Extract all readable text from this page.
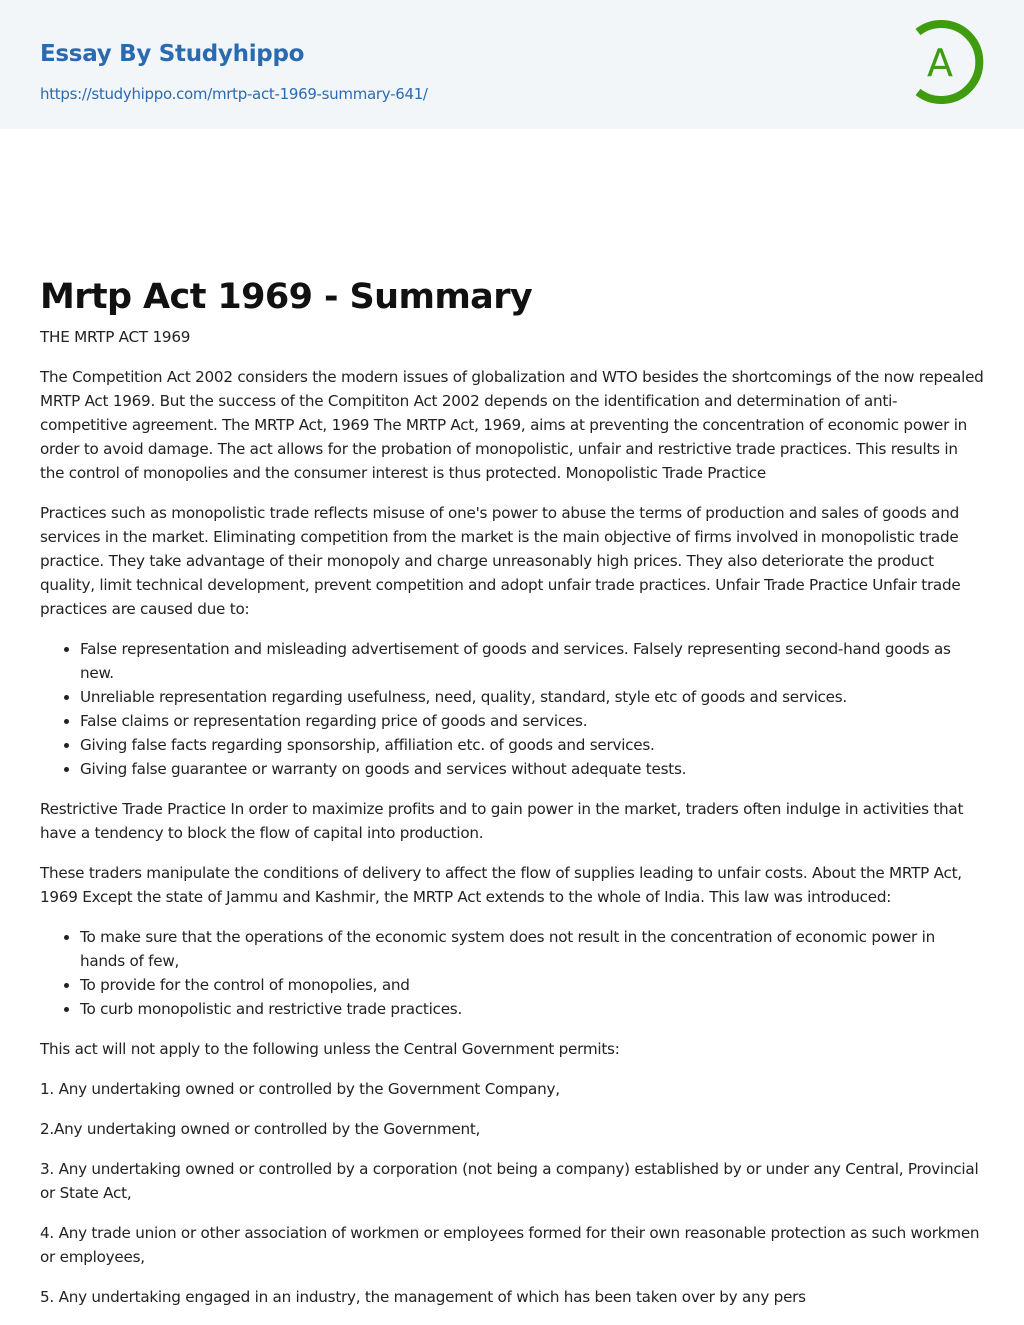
Essay By Studyhippo
https://studyhippo.com/mrtp-act-1969-summary-641/
A
Mrtp Act 1969 - Summary

THE MRTP ACT 1969

The Competition Act 2002 considers the modern issues of globalization and WTO besides the shortcomings of the now repealed MRTP Act 1969. But the success of the Compititon Act 2002 depends on the identification and determination of anti-competitive agreement. The MRTP Act, 1969 The MRTP Act, 1969, aims at preventing the concentration of economic power in order to avoid damage. The act allows for the probation of monopolistic, unfair and restrictive trade practices. This results in the control of monopolies and the consumer interest is thus protected. Monopolistic Trade Practice

Practices such as monopolistic trade reflects misuse of one's power to abuse the terms of production and sales of goods and services in the market. Eliminating competition from the market is the main objective of firms involved in monopolistic trade practice. They take advantage of their monopoly and charge unreasonably high prices. They also deteriorate the product quality, limit technical development, prevent competition and adopt unfair trade practices. Unfair Trade Practice Unfair trade practices are caused due to:

• False representation and misleading advertisement of goods and services. Falsely representing second-hand goods as new.
• Unreliable representation regarding usefulness, need, quality, standard, style etc of goods and services.
• False claims or representation regarding price of goods and services.
• Giving false facts regarding sponsorship, affiliation etc. of goods and services.
• Giving false guarantee or warranty on goods and services without adequate tests.

Restrictive Trade Practice In order to maximize profits and to gain power in the market, traders often indulge in activities that have a tendency to block the flow of capital into production.

These traders manipulate the conditions of delivery to affect the flow of supplies leading to unfair costs. About the MRTP Act, 1969 Except the state of Jammu and Kashmir, the MRTP Act extends to the whole of India. This law was introduced:

• To make sure that the operations of the economic system does not result in the concentration of economic power in hands of few,
• To provide for the control of monopolies, and
• To curb monopolistic and restrictive trade practices.

This act will not apply to the following unless the Central Government permits:

1. Any undertaking owned or controlled by the Government Company,

2.Any undertaking owned or controlled by the Government,

3. Any undertaking owned or controlled by a corporation (not being a company) established by or under any Central, Provincial or State Act,

4. Any trade union or other association of workmen or employees formed for their own reasonable protection as such workmen or employees,

5. Any undertaking engaged in an industry, the management of which has been taken over by any pers
